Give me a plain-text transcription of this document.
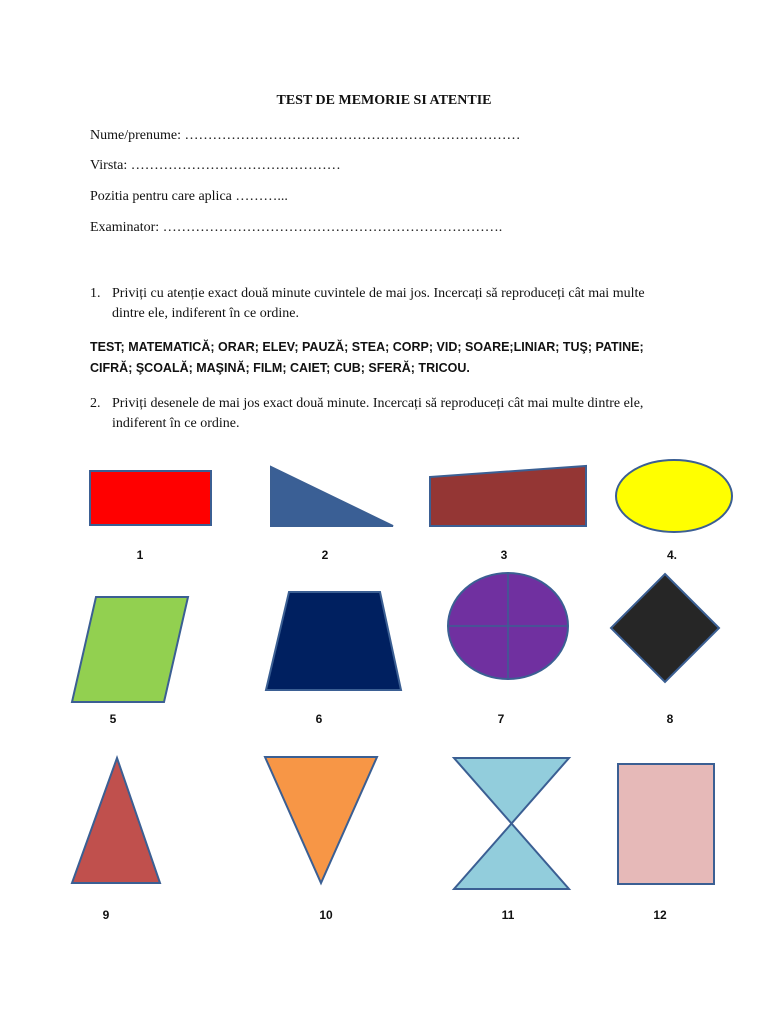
TEST DE MEMORIE SI ATENTIE
Nume/prenume: ………………………………………………………………
Virsta: ………………………………………
Pozitia pentru care aplica ………...
Examinator: ……………………………………………………………….
1. Priviți cu atenție exact două minute cuvintele de mai jos. Incercați să reproduceți cât mai multe dintre ele, indiferent în ce ordine.
TEST; MATEMATICĂ; ORAR; ELEV; PAUZĂ; STEA; CORP; VID; SOARE;LINIAR; TUŞ; PATINE; CIFRĂ; ŞCOALĂ; MAŞINĂ; FILM; CAIET; CUB; SFERĂ; TRICOU.
2. Priviți desenele de mai jos exact două minute. Incercați să reproduceți cât mai multe dintre ele, indiferent în ce ordine.
1	2	3	4.
5	6	7	8
9	10	11	12
